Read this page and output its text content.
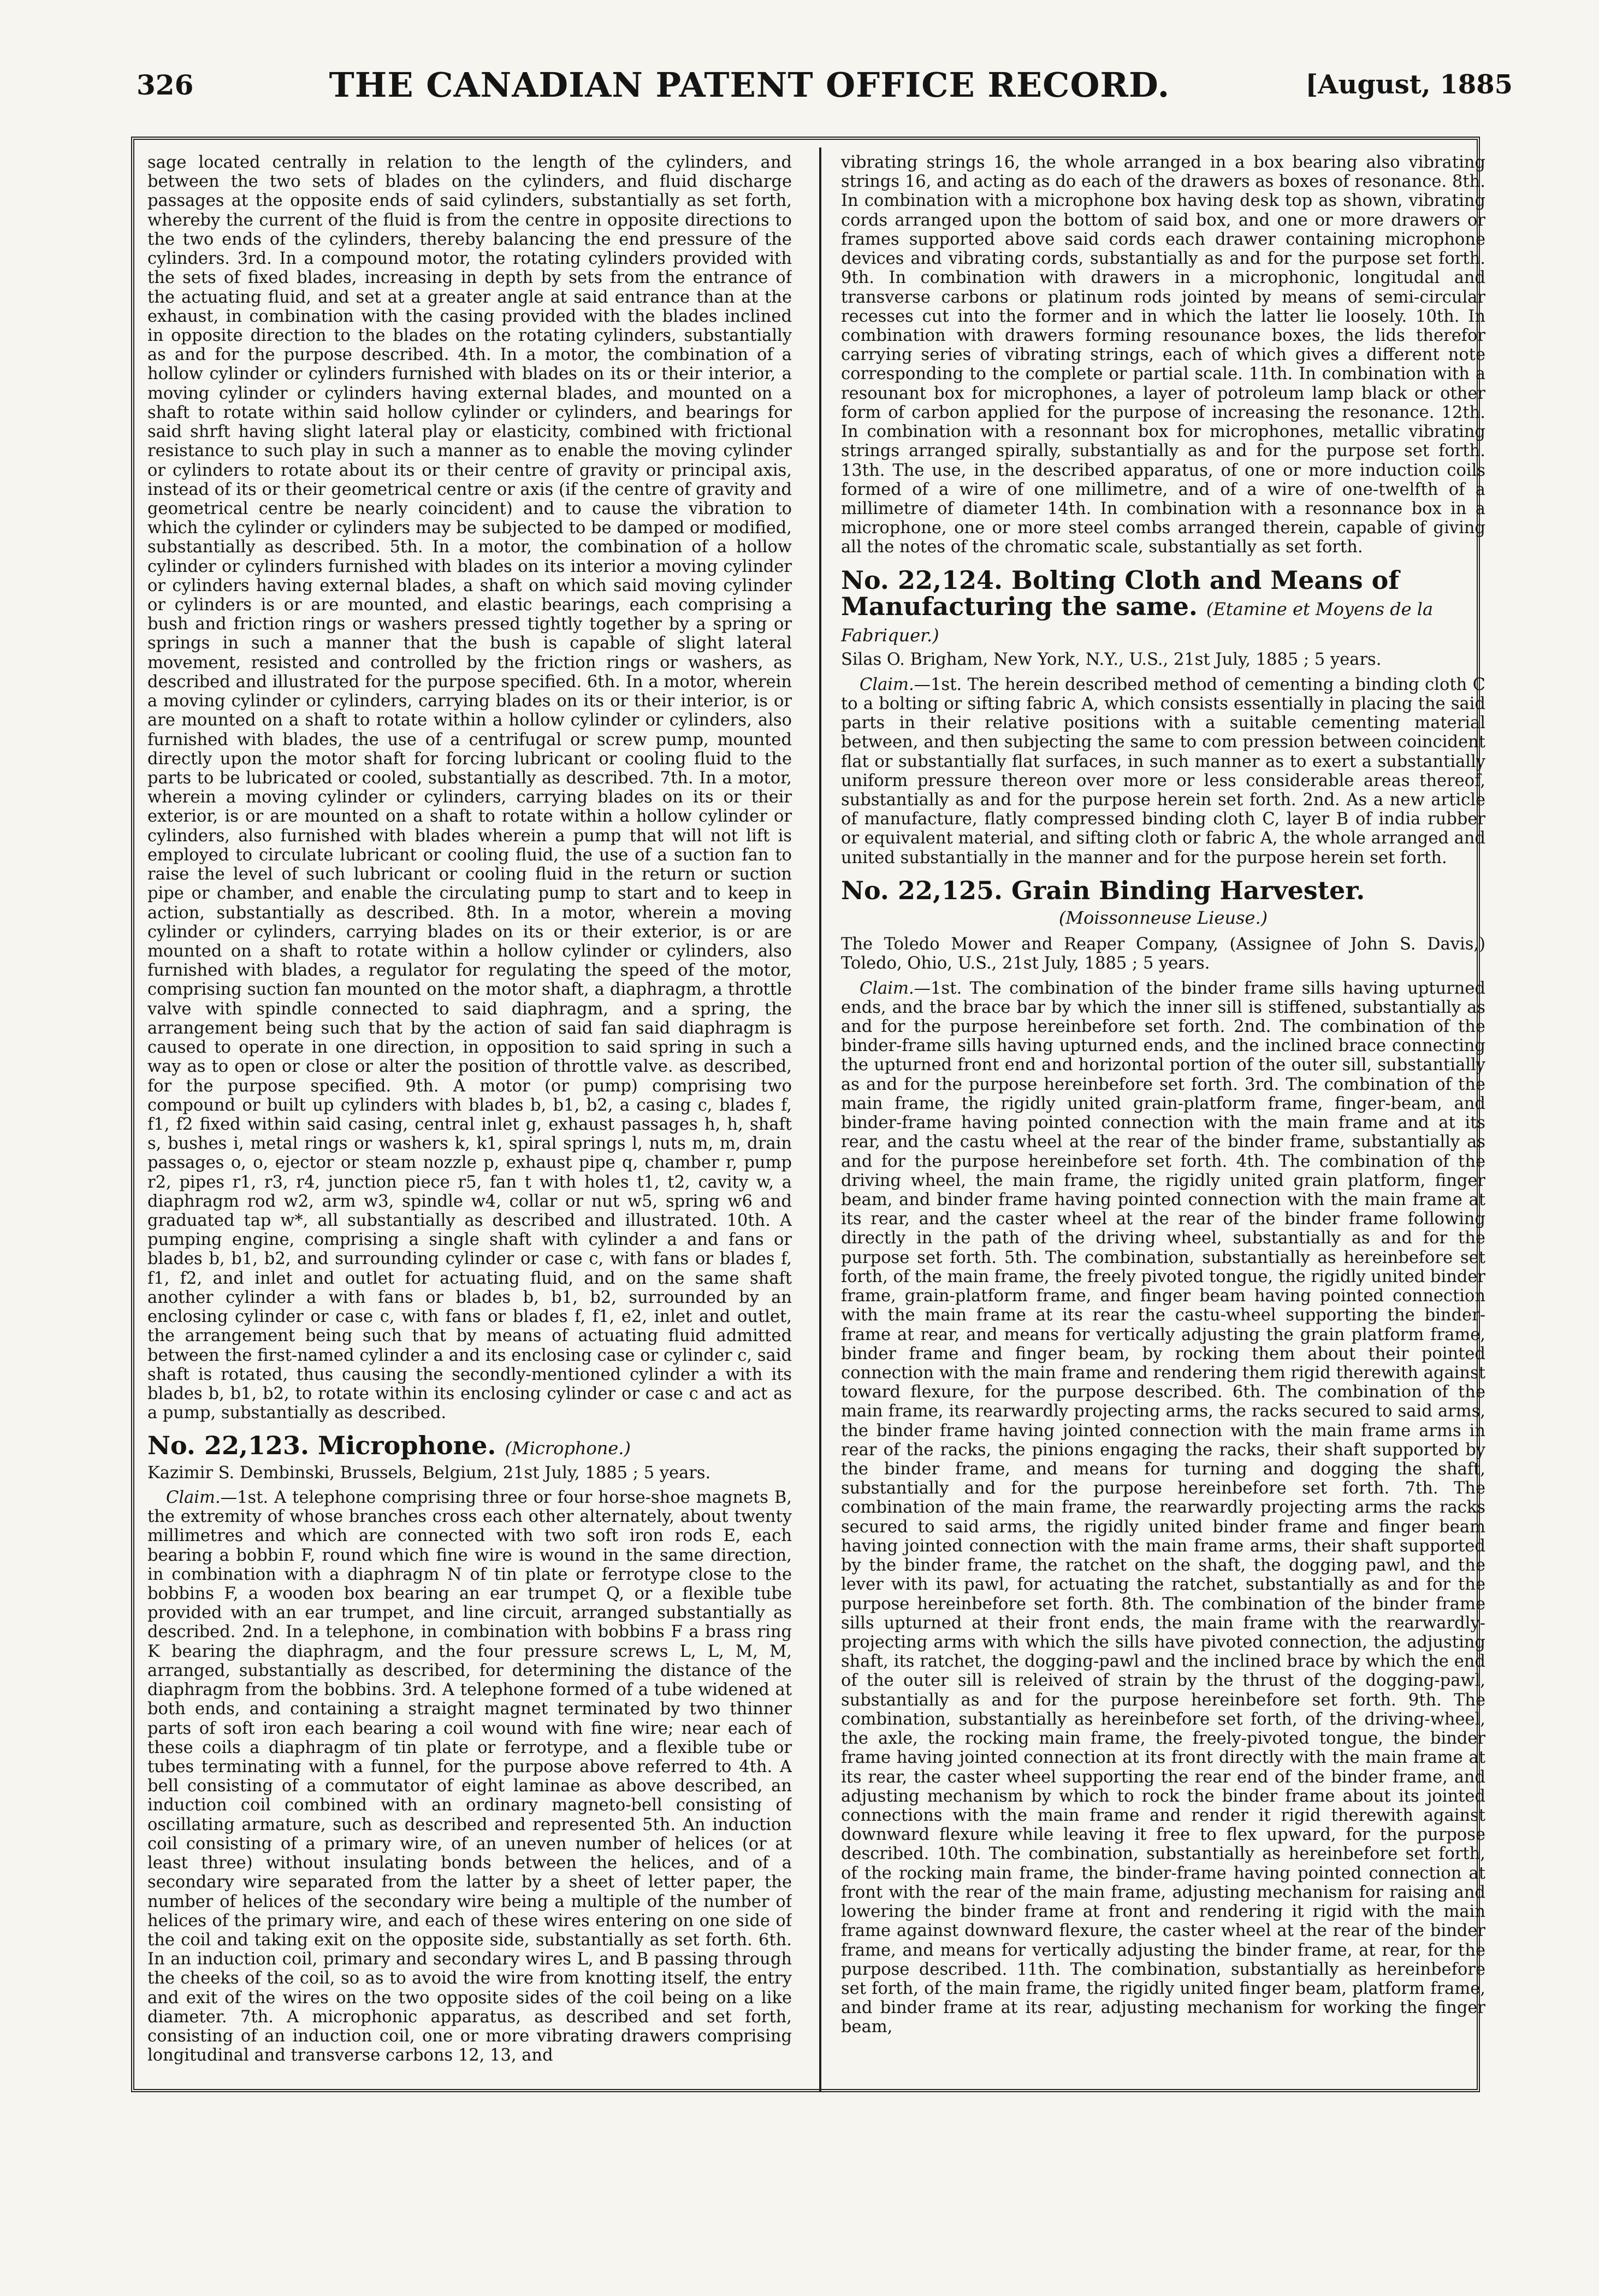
326	THE CANADIAN PATENT OFFICE RECORD.	[August, 1885

sage located centrally in relation to the length of the cylinders, and between the two sets of blades on the cylinders, and fluid discharge passages at the opposite ends of said cylinders, substantially as set forth, whereby the current of the fluid is from the centre in opposite directions to the two ends of the cylinders, thereby balancing the end pressure of the cylinders. 3rd. In a compound motor, the rotating cylinders provided with the sets of fixed blades, increasing in depth by sets from the entrance of the actuating fluid, and set at a greater angle at said entrance than at the exhaust, in combination with the casing provided with the blades inclined in opposite direction to the blades on the rotating cylinders, substantially as and for the purpose described. 4th. In a motor, the combination of a hollow cylinder or cylinders furnished with blades on its or their interior, a moving cylinder or cylinders having external blades, and mounted on a shaft to rotate within said hollow cylinder or cylinders, and bearings for said shrft having slight lateral play or elasticity, combined with frictional resistance to such play in such a manner as to enable the moving cylinder or cylinders to rotate about its or their centre of gravity or principal axis, instead of its or their geometrical centre or axis (if the centre of gravity and geometrical centre be nearly coincident) and to cause the vibration to which the cylinder or cylinders may be subjected to be damped or modified, substantially as described. 5th. In a motor, the combination of a hollow cylinder or cylinders furnished with blades on its interior a moving cylinder or cylinders having external blades, a shaft on which said moving cylinder or cylinders is or are mounted, and elastic bearings, each comprising a bush and friction rings or washers pressed tightly together by a spring or springs in such a manner that the bush is capable of slight lateral movement, resisted and controlled by the friction rings or washers, as described and illustrated for the purpose specified. 6th. In a motor, wherein a moving cylinder or cylinders, carrying blades on its or their interior, is or are mounted on a shaft to rotate within a hollow cylinder or cylinders, also furnished with blades, the use of a centrifugal or screw pump, mounted directly upon the motor shaft for forcing lubricant or cooling fluid to the parts to be lubricated or cooled, substantially as described. 7th. In a motor, wherein a moving cylinder or cylinders, carrying blades on its or their exterior, is or are mounted on a shaft to rotate within a hollow cylinder or cylinders, also furnished with blades wherein a pump that will not lift is employed to circulate lubricant or cooling fluid, the use of a suction fan to raise the level of such lubricant or cooling fluid in the return or suction pipe or chamber, and enable the circulating pump to start and to keep in action, substantially as described. 8th. In a motor, wherein a moving cylinder or cylinders, carrying blades on its or their exterior, is or are mounted on a shaft to rotate within a hollow cylinder or cylinders, also furnished with blades, a regulator for regulating the speed of the motor, comprising suction fan mounted on the motor shaft, a diaphragm, a throttle valve with spindle connected to said diaphragm, and a spring, the arrangement being such that by the action of said fan said diaphragm is caused to operate in one direction, in opposition to said spring in such a way as to open or close or alter the position of throttle valve. as described, for the purpose specified. 9th. A motor (or pump) comprising two compound or built up cylinders with blades b, b1, b2, a casing c, blades f, f1, f2 fixed within said casing, central inlet g, exhaust passages h, h, shaft s, bushes i, metal rings or washers k, k1, spiral springs l, nuts m, m, drain passages o, o, ejector or steam nozzle p, exhaust pipe q, chamber r, pump r2, pipes r1, r3, r4, junction piece r5, fan t with holes t1, t2, cavity w, a diaphragm rod w2, arm w3, spindle w4, collar or nut w5, spring w6 and graduated tap w*, all substantially as described and illustrated. 10th. A pumping engine, comprising a single shaft with cylinder a and fans or blades b, b1, b2, and surrounding cylinder or case c, with fans or blades f, f1, f2, and inlet and outlet for actuating fluid, and on the same shaft another cylinder a with fans or blades b, b1, b2, surrounded by an enclosing cylinder or case c, with fans or blades f, f1, e2, inlet and outlet, the arrangement being such that by means of actuating fluid admitted between the first-named cylinder a and its enclosing case or cylinder c, said shaft is rotated, thus causing the secondly-mentioned cylinder a with its blades b, b1, b2, to rotate within its enclosing cylinder or case c and act as a pump, substantially as described.

No. 22,123. Microphone. (Microphone.)

Kazimir S. Dembinski, Brussels, Belgium, 21st July, 1885 ; 5 years.

Claim.—1st. A telephone comprising three or four horse-shoe magnets B, the extremity of whose branches cross each other alternately, about twenty millimetres and which are connected with two soft iron rods E, each bearing a bobbin F, round which fine wire is wound in the same direction, in combination with a diaphragm N of tin plate or ferrotype close to the bobbins F, a wooden box bearing an ear trumpet Q, or a flexible tube provided with an ear trumpet, and line circuit, arranged substantially as described. 2nd. In a telephone, in combination with bobbins F a brass ring K bearing the diaphragm, and the four pressure screws L, L, M, M, arranged, substantially as described, for determining the distance of the diaphragm from the bobbins. 3rd. A telephone formed of a tube widened at both ends, and containing a straight magnet terminated by two thinner parts of soft iron each bearing a coil wound with fine wire; near each of these coils a diaphragm of tin plate or ferrotype, and a flexible tube or tubes terminating with a funnel, for the purpose above referred to 4th. A bell consisting of a commutator of eight laminae as above described, an induction coil combined with an ordinary magneto-bell consisting of oscillating armature, such as described and represented 5th. An induction coil consisting of a primary wire, of an uneven number of helices (or at least three) without insulating bonds between the helices, and of a secondary wire separated from the latter by a sheet of letter paper, the number of helices of the secondary wire being a multiple of the number of helices of the primary wire, and each of these wires entering on one side of the coil and taking exit on the opposite side, substantially as set forth. 6th. In an induction coil, primary and secondary wires L, and B passing through the cheeks of the coil, so as to avoid the wire from knotting itself, the entry and exit of the wires on the two opposite sides of the coil being on a like diameter. 7th. A microphonic apparatus, as described and set forth, consisting of an induction coil, one or more vibrating drawers comprising longitudinal and transverse carbons 12, 13, and

vibrating strings 16, the whole arranged in a box bearing also vibrating strings 16, and acting as do each of the drawers as boxes of resonance. 8th. In combination with a microphone box having desk top as shown, vibrating cords arranged upon the bottom of said box, and one or more drawers or frames supported above said cords each drawer containing microphone devices and vibrating cords, substantially as and for the purpose set forth. 9th. In combination with drawers in a microphonic, longitudal and transverse carbons or platinum rods jointed by means of semi-circular recesses cut into the former and in which the latter lie loosely. 10th. In combination with drawers forming resounance boxes, the lids therefor carrying series of vibrating strings, each of which gives a different note corresponding to the complete or partial scale. 11th. In combination with a resounant box for microphones, a layer of potroleum lamp black or other form of carbon applied for the purpose of increasing the resonance. 12th. In combination with a resonnant box for microphones, metallic vibrating strings arranged spirally, substantially as and for the purpose set forth. 13th. The use, in the described apparatus, of one or more induction coils formed of a wire of one millimetre, and of a wire of one-twelfth of a millimetre of diameter 14th. In combination with a resonnance box in a microphone, one or more steel combs arranged therein, capable of giving all the notes of the chromatic scale, substantially as set forth.

No. 22,124. Bolting Cloth and Means of Manufacturing the same. (Etamine et Moyens de la Fabriquer.)

Silas O. Brigham, New York, N.Y., U.S., 21st July, 1885 ; 5 years.

Claim.—1st. The herein described method of cementing a binding cloth C to a bolting or sifting fabric A, which consists essentially in placing the said parts in their relative positions with a suitable cementing material between, and then subjecting the same to com pression between coincident flat or substantially flat surfaces, in such manner as to exert a substantially uniform pressure thereon over more or less considerable areas thereof, substantially as and for the purpose herein set forth. 2nd. As a new article of manufacture, flatly compressed binding cloth C, layer B of india rubber or equivalent material, and sifting cloth or fabric A, the whole arranged and united substantially in the manner and for the purpose herein set forth.

No. 22,125. Grain Binding Harvester.

(Moissonneuse Lieuse.)

The Toledo Mower and Reaper Company, (Assignee of John S. Davis,) Toledo, Ohio, U.S., 21st July, 1885 ; 5 years.

Claim.—1st. The combination of the binder frame sills having upturned ends, and the brace bar by which the inner sill is stiffened, substantially as and for the purpose hereinbefore set forth. 2nd. The combination of the binder-frame sills having upturned ends, and the inclined brace connecting the upturned front end and horizontal portion of the outer sill, substantially as and for the purpose hereinbefore set forth. 3rd. The combination of the main frame, the rigidly united grain-platform frame, finger-beam, and binder-frame having pointed connection with the main frame and at its rear, and the castu wheel at the rear of the binder frame, substantially as and for the purpose hereinbefore set forth. 4th. The combination of the driving wheel, the main frame, the rigidly united grain platform, finger beam, and binder frame having pointed connection with the main frame at its rear, and the caster wheel at the rear of the binder frame following directly in the path of the driving wheel, substantially as and for the purpose set forth. 5th. The combination, substantially as hereinbefore set forth, of the main frame, the freely pivoted tongue, the rigidly united binder frame, grain-platform frame, and finger beam having pointed connection with the main frame at its rear the castu-wheel supporting the binder-frame at rear, and means for vertically adjusting the grain platform frame, binder frame and finger beam, by rocking them about their pointed connection with the main frame and rendering them rigid therewith against toward flexure, for the purpose described. 6th. The combination of the main frame, its rearwardly projecting arms, the racks secured to said arms, the binder frame having jointed connection with the main frame arms in rear of the racks, the pinions engaging the racks, their shaft supported by the binder frame, and means for turning and dogging the shaft, substantially and for the purpose hereinbefore set forth. 7th. The combination of the main frame, the rearwardly projecting arms the racks secured to said arms, the rigidly united binder frame and finger beam having jointed connection with the main frame arms, their shaft supported by the binder frame, the ratchet on the shaft, the dogging pawl, and the lever with its pawl, for actuating the ratchet, substantially as and for the purpose hereinbefore set forth. 8th. The combination of the binder frame sills upturned at their front ends, the main frame with the rearwardly-projecting arms with which the sills have pivoted connection, the adjusting shaft, its ratchet, the dogging-pawl and the inclined brace by which the end of the outer sill is releived of strain by the thrust of the dogging-pawl, substantially as and for the purpose hereinbefore set forth. 9th. The combination, substantially as hereinbefore set forth, of the driving-wheel, the axle, the rocking main frame, the freely-pivoted tongue, the binder frame having jointed connection at its front directly with the main frame at its rear, the caster wheel supporting the rear end of the binder frame, and adjusting mechanism by which to rock the binder frame about its jointed connections with the main frame and render it rigid therewith against downward flexure while leaving it free to flex upward, for the purpose described. 10th. The combination, substantially as hereinbefore set forth, of the rocking main frame, the binder-frame having pointed connection at front with the rear of the main frame, adjusting mechanism for raising and lowering the binder frame at front and rendering it rigid with the main frame against downward flexure, the caster wheel at the rear of the binder frame, and means for vertically adjusting the binder frame, at rear, for the purpose described. 11th. The combination, substantially as hereinbefore set forth, of the main frame, the rigidly united finger beam, platform frame, and binder frame at its rear, adjusting mechanism for working the finger beam,
